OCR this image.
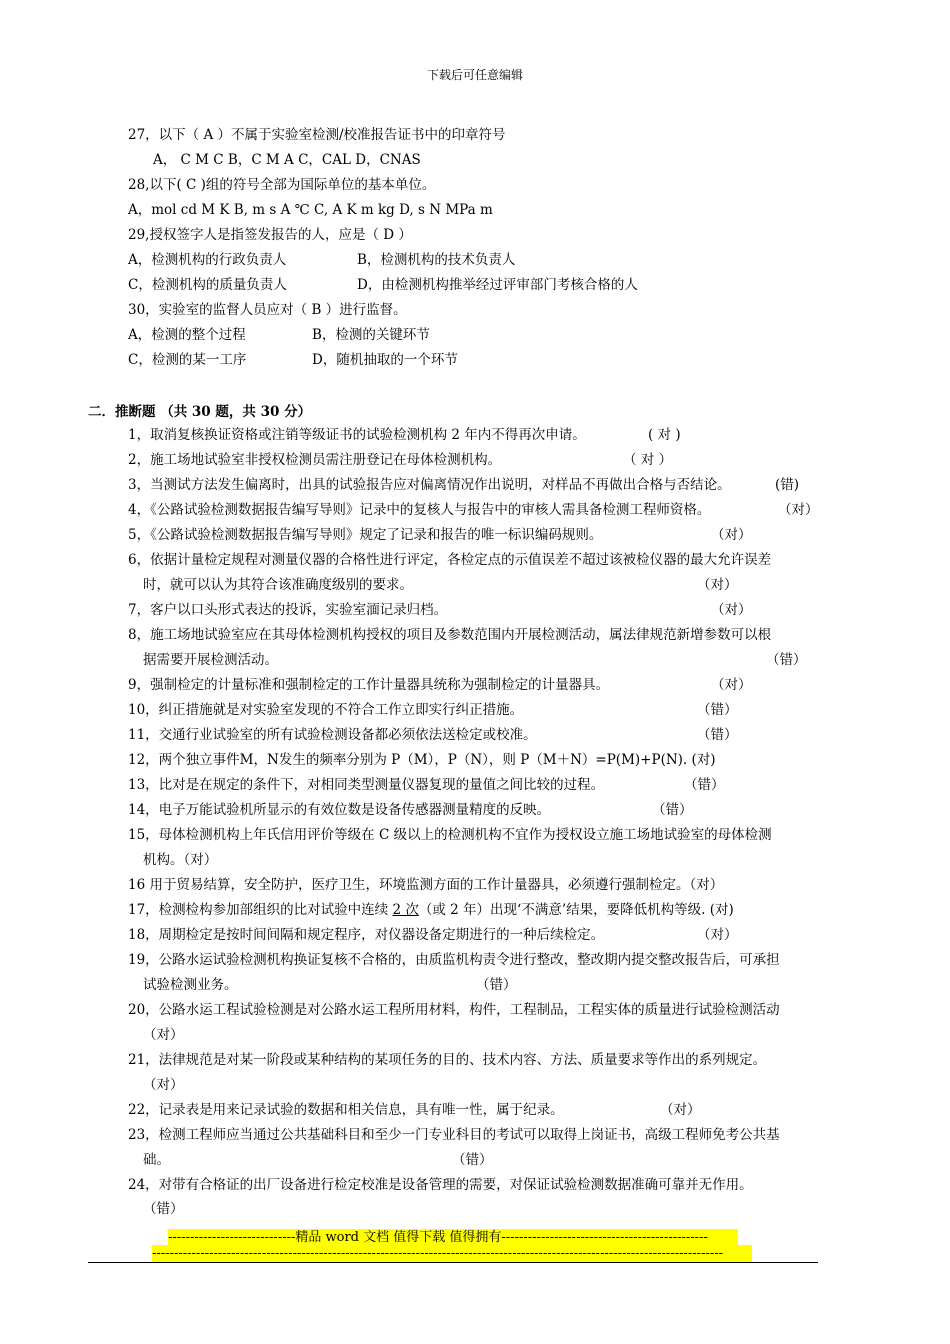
下载后可任意编辑
27，以下（ A ）不属于实验室检测/校准报告证书中的印章符号
A， C M C B，C M A C，CAL D，CNAS
28,以下( C )组的符号全部为国际单位的基本单位。
A，mol cd M K B, m s A ℃ C, A K m kg D, s N MPa m
29,授权签字人是指签发报告的人，应是（ D ）
A，检测机构的行政负责人	B，检测机构的技术负责人
C，检测机构的质量负责人	D，由检测机构推举经过评审部门考核合格的人
30，实验室的监督人员应对（ B ）进行监督。
A，检测的整个过程	B，检测的关键环节
C，检测的某一工序	D，随机抽取的一个环节
二．推断题 （共 30 题，共 30 分）
1，取消复核换证资格或注销等级证书的试验检测机构 2 年内不得再次申请。	( 对 )
2，施工场地试验室非授权检测员需注册登记在母体检测机构。	（ 对 ）
3，当测试方法发生偏离时，出具的试验报告应对偏离情况作出说明，对样品不再做出合格与否结论。	(错)
4，《公路试验检测数据报告编写导则》记录中的复核人与报告中的审核人需具备检测工程师资格。	（对）
5，《公路试验检测数据报告编写导则》规定了记录和报告的唯一标识编码规则。	（对）
6，依据计量检定规程对测量仪器的合格性进行评定，各检定点的示值误差不超过该被检仪器的最大允许误差
时，就可以认为其符合该准确度级别的要求。	（对）
7，客户以口头形式表达的投诉，实验室湎记录归档。	（对）
8，施工场地试验室应在其母体检测机构授权的项目及参数范围内开展检测活动，属法律规范新增参数可以根
据需要开展检测活动。	（错）
9，强制检定的计量标准和强制检定的工作计量器具统称为强制检定的计量器具。	（对）
10，纠正措施就是对实验室发现的不符合工作立即实行纠正措施。	（错）
11，交通行业试验室的所有试验检测设备都必须依法送检定或校准。	（错）
12，两个独立事件M，N发生的频率分别为 P（M），P（N），则 P（M＋N）=P(M)+P(N). (对)
13，比对是在规定的条件下，对相同类型测量仪器复现的量值之间比较的过程。	（错）
14，电子万能试验机所显示的有效位数是设备传感器测量精度的反映。	（错）
15，母体检测机构上年氏信用评价等级在 C 级以上的检测机构不宜作为授权设立施工场地试验室的母体检测
机构。（对）
16 用于贸易结算，安全防护，医疗卫生，环境监测方面的工作计量器具，必须遵行强制检定。（对）
17，检测检构参加部组织的比对试验中连续 2 次（或 2 年）出现‘不满意’结果，要降低机构等级. (对)
18，周期检定是按时间间隔和规定程序，对仪器设备定期进行的一种后续检定。	（对）
19，公路水运试验检测机构换证复核不合格的，由质监机构责令进行整改，整改期内提交整改报告后，可承担
试验检测业务。	（错）
20，公路水运工程试验检测是对公路水运工程所用材料，构件，工程制品，工程实体的质量进行试验检测活动
（对）
21，法律规范是对某一阶段或某种结构的某项任务的目的、技术内容、方法、质量要求等作出的系列规定。
（对）
22，记录表是用来记录试验的数据和相关信息，具有唯一性，属于纪录。	（对）
23，检测工程师应当通过公共基础科目和至少一门专业科目的考试可以取得上岗证书，高级工程师免考公共基
础。	（错）
24，对带有合格证的出厂设备进行检定校准是设备管理的需要，对保证试验检测数据准确可靠并无作用。
（错）
-----------------------------精品 word 文档 值得下载 值得拥有-----------------------------------------------
----------------------------------------------------------------------------------------------------------------------------------
